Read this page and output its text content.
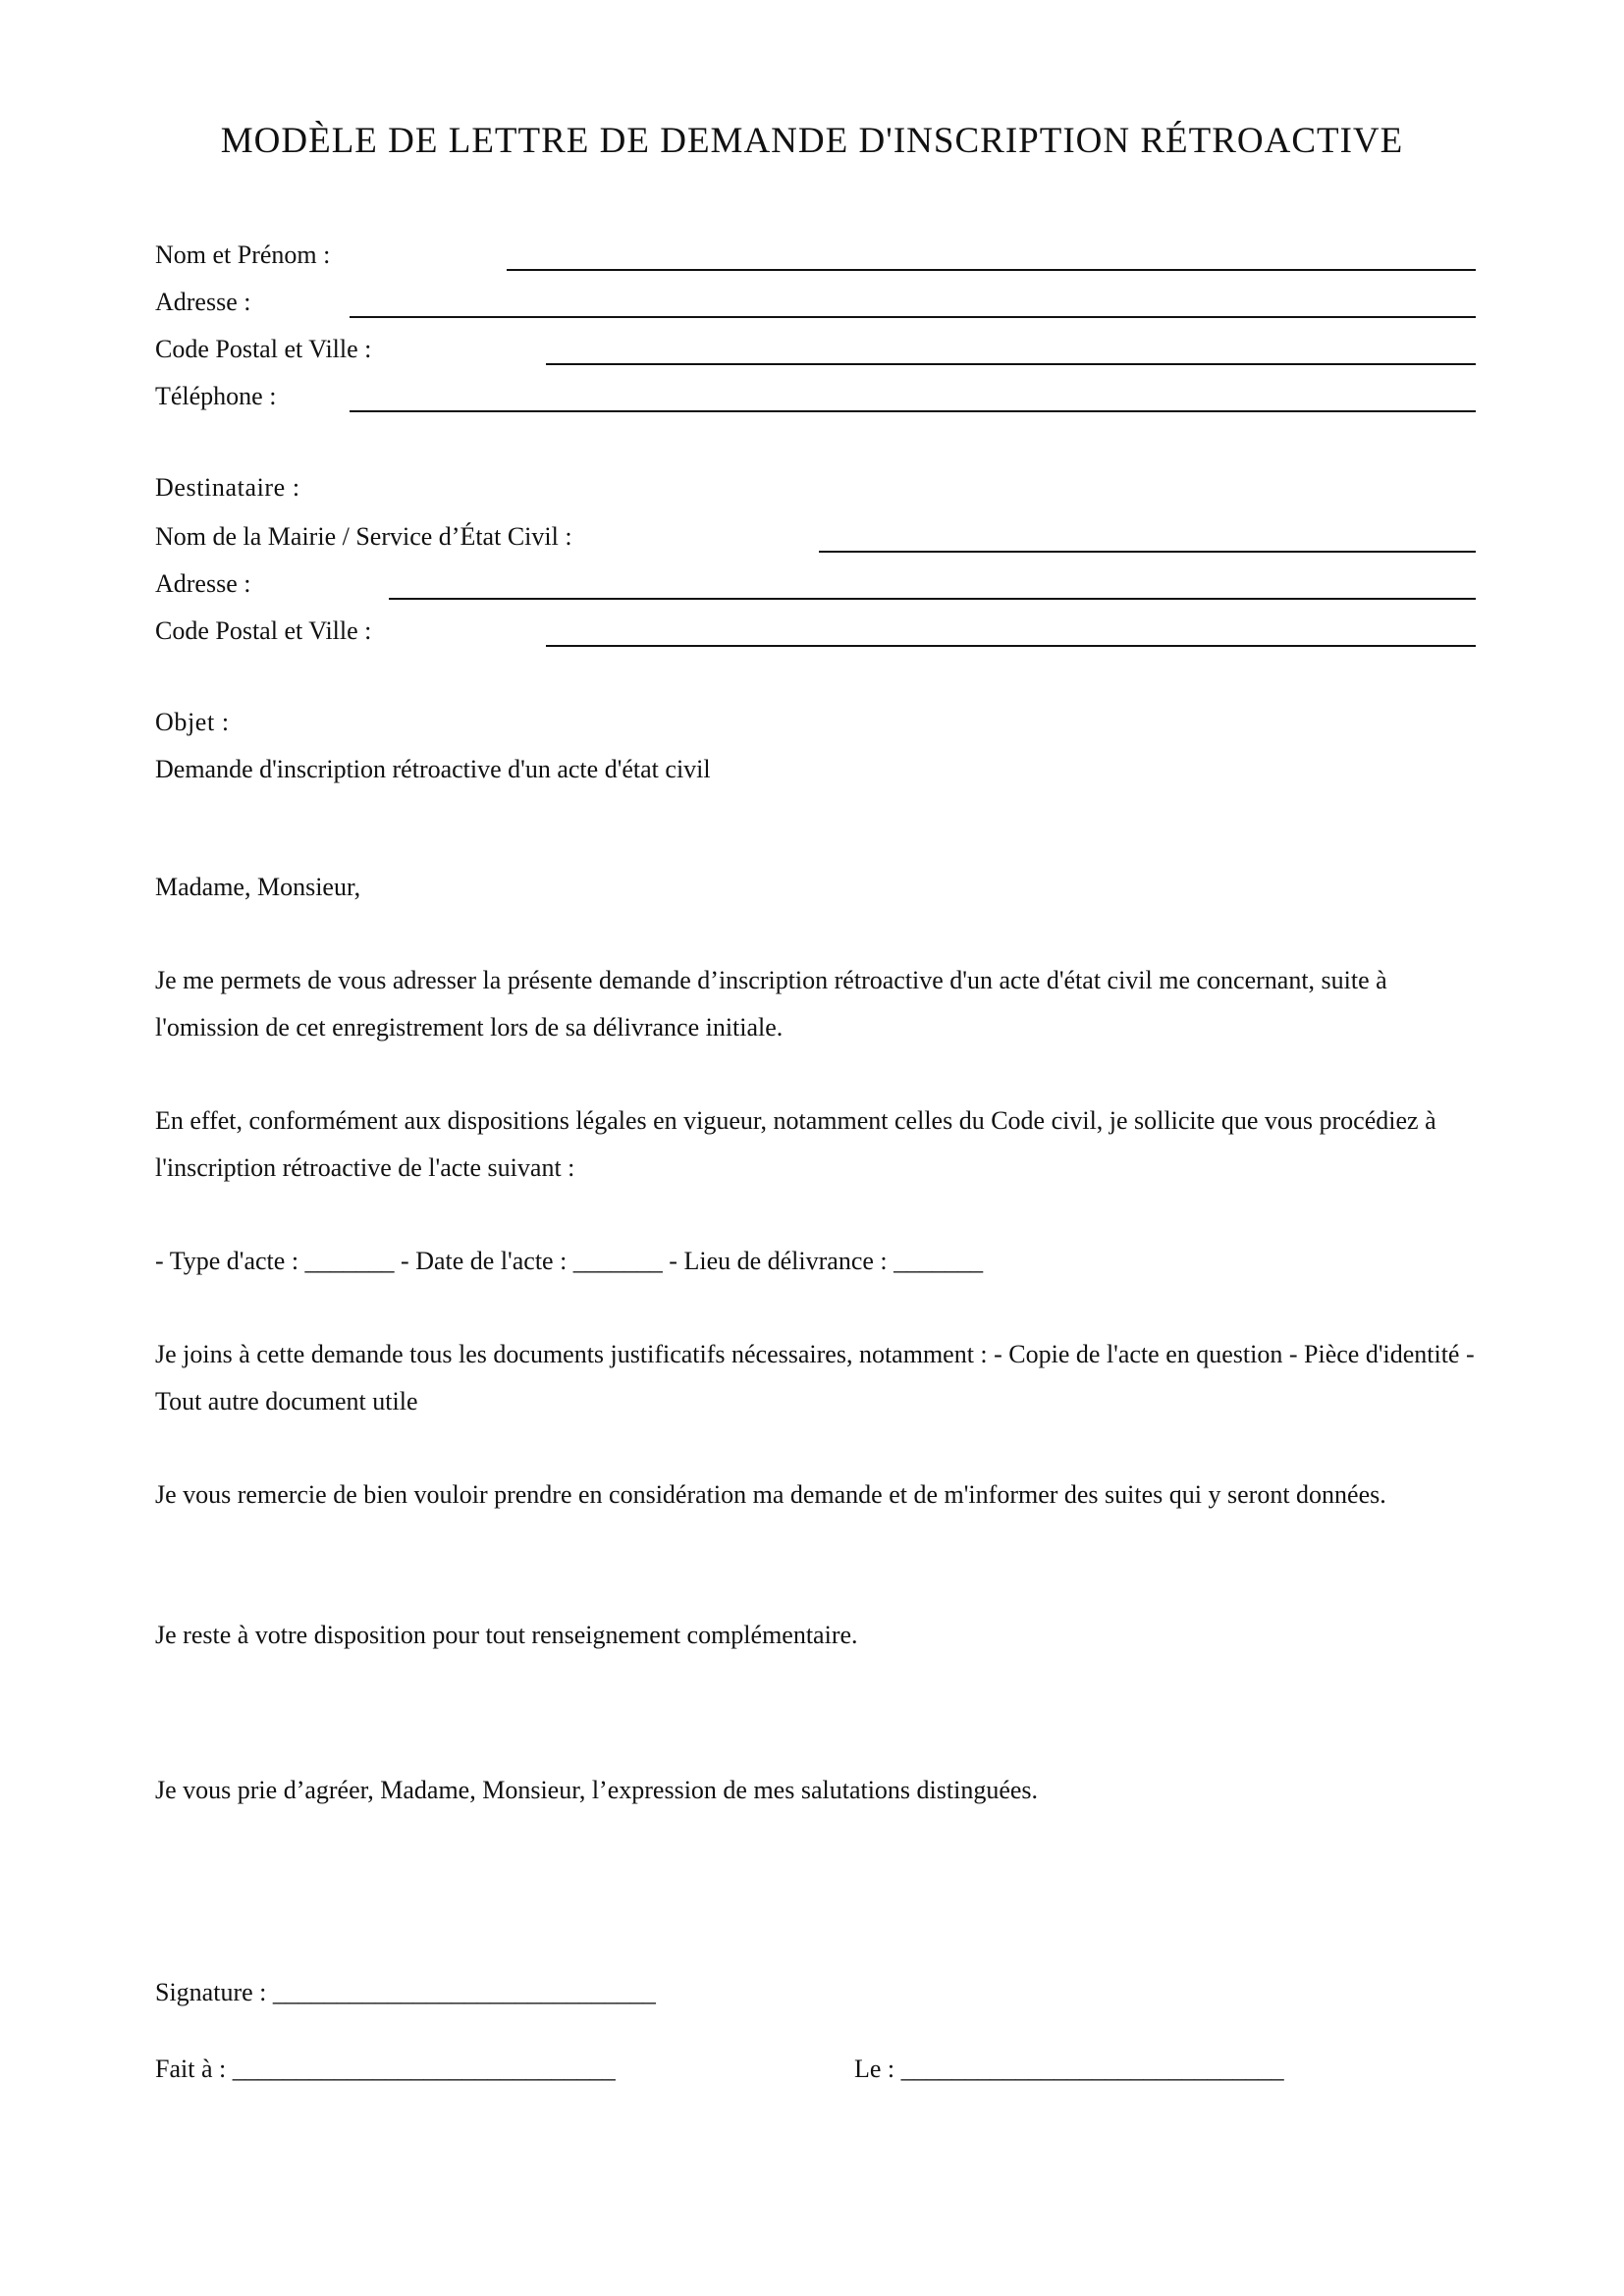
MODÈLE DE LETTRE DE DEMANDE D'INSCRIPTION RÉTROACTIVE
Nom et Prénom :
Adresse :
Code Postal et Ville :
Téléphone :
Destinataire :
Nom de la Mairie / Service d’État Civil :
Adresse :
Code Postal et Ville :
Objet :
Demande d'inscription rétroactive d'un acte d'état civil
Madame, Monsieur,
Je me permets de vous adresser la présente demande d’inscription rétroactive d'un acte d'état civil me concernant, suite à l'omission de cet enregistrement lors de sa délivrance initiale.
En effet, conformément aux dispositions légales en vigueur, notamment celles du Code civil, je sollicite que vous procédiez à l'inscription rétroactive de l'acte suivant :
- Type d'acte : _______ - Date de l'acte : _______ - Lieu de délivrance : _______
Je joins à cette demande tous les documents justificatifs nécessaires, notamment : - Copie de l'acte en question - Pièce d'identité - Tout autre document utile
Je vous remercie de bien vouloir prendre en considération ma demande et de m'informer des suites qui y seront données.
Je reste à votre disposition pour tout renseignement complémentaire.
Je vous prie d’agréer, Madame, Monsieur, l’expression de mes salutations distinguées.
Signature : ______________________________
Fait à : ______________________________	Le : ______________________________
